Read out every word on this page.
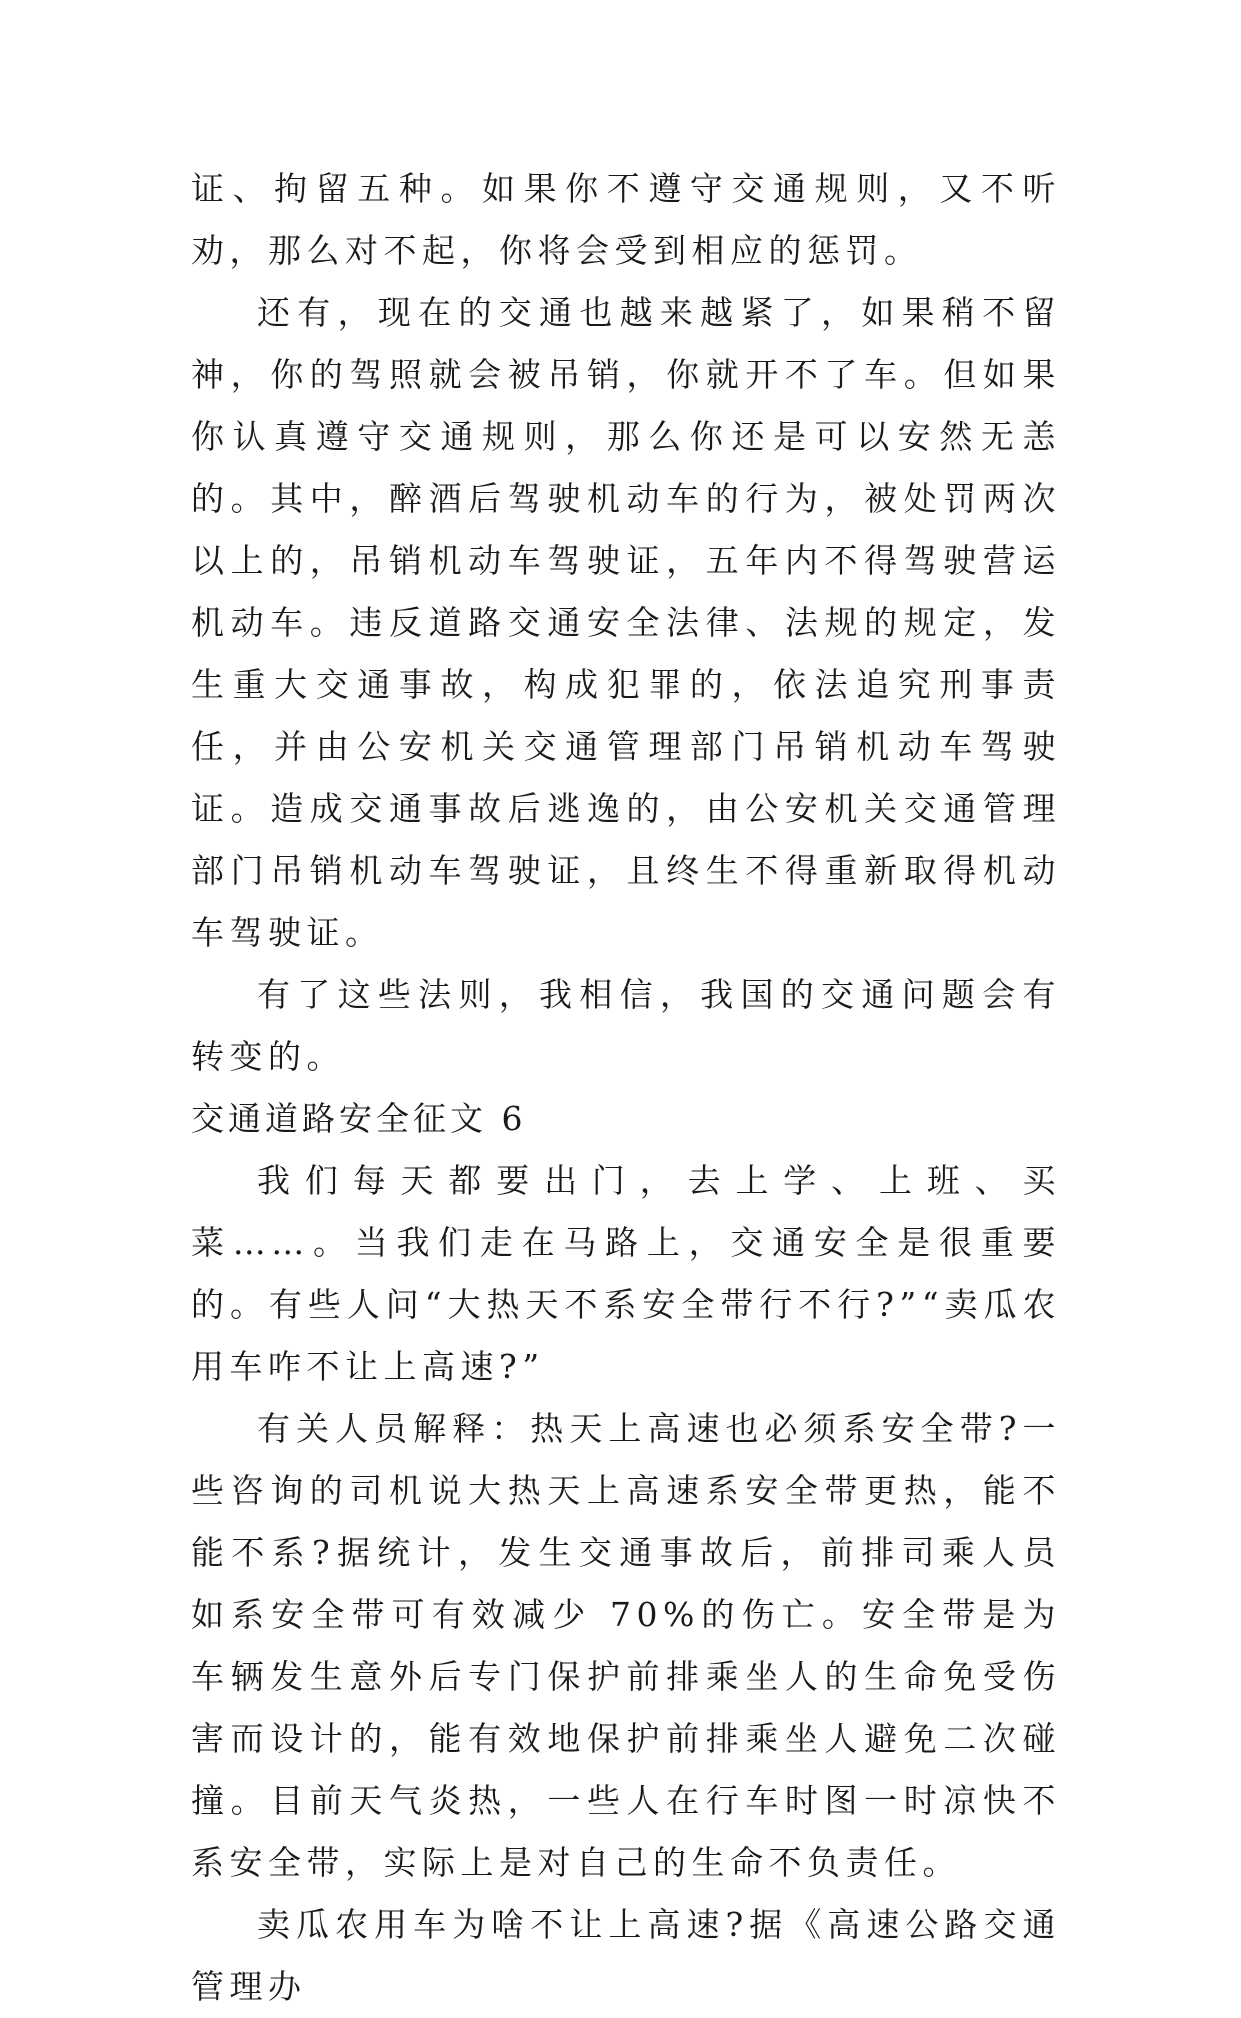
证、拘留五种。如果你不遵守交通规则，又不听劝，那么对不起，你将会受到相应的惩罚。

还有，现在的交通也越来越紧了，如果稍不留神，你的驾照就会被吊销，你就开不了车。但如果你认真遵守交通规则，那么你还是可以安然无恙的。其中，醉酒后驾驶机动车的行为，被处罚两次以上的，吊销机动车驾驶证，五年内不得驾驶营运机动车。违反道路交通安全法律、法规的规定，发生重大交通事故，构成犯罪的，依法追究刑事责任，并由公安机关交通管理部门吊销机动车驾驶证。造成交通事故后逃逸的，由公安机关交通管理部门吊销机动车驾驶证，且终生不得重新取得机动车驾驶证。

有了这些法则，我相信，我国的交通问题会有转变的。

交通道路安全征文 6

我们每天都要出门，去上学、上班、买菜……。当我们走在马路上，交通安全是很重要的。有些人问“大热天不系安全带行不行?”“卖瓜农用车咋不让上高速?”

有关人员解释：热天上高速也必须系安全带?一些咨询的司机说大热天上高速系安全带更热，能不能不系?据统计，发生交通事故后，前排司乘人员如系安全带可有效减少 70%的伤亡。安全带是为车辆发生意外后专门保护前排乘坐人的生命免受伤害而设计的，能有效地保护前排乘坐人避免二次碰撞。目前天气炎热，一些人在行车时图一时凉快不系安全带，实际上是对自己的生命不负责任。

卖瓜农用车为啥不让上高速?据《高速公路交通管理办
